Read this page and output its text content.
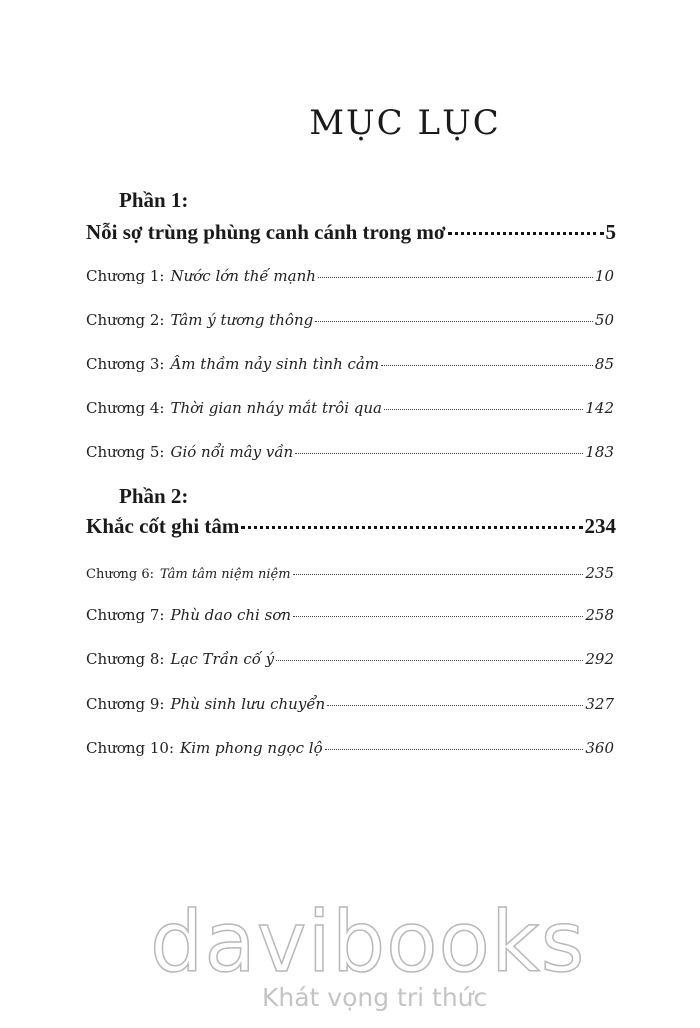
MỤC LỤC
Phần 1:
Nỗi sợ trùng phùng canh cánh trong mơ	5
Chương 1: Nước lớn thế mạnh	10
Chương 2: Tâm ý tương thông	50
Chương 3: Âm thầm nảy sinh tình cảm	85
Chương 4: Thời gian nháy mắt trôi qua	142
Chương 5: Gió nổi mây vần	183
Phần 2:
Khắc cốt ghi tâm	234
Chương 6: Tâm tâm niệm niệm	235
Chương 7: Phù dao chi sơn	258
Chương 8: Lạc Trần cố ý	292
Chương 9: Phù sinh lưu chuyển	327
Chương 10: Kim phong ngọc lộ	360
davibooks
Khát vọng tri thức
